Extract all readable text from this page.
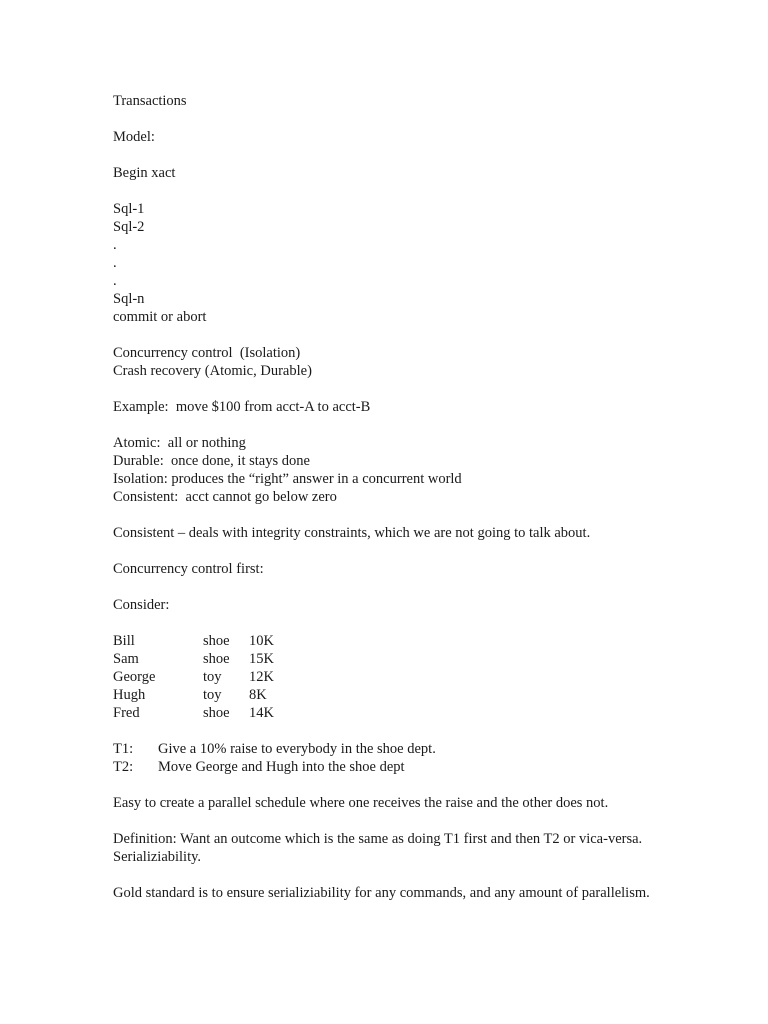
Transactions
Model:
Begin xact
Sql-1
Sql-2
.
.
.
Sql-n
commit or abort
Concurrency control  (Isolation)
Crash recovery (Atomic, Durable)
Example:  move $100 from acct-A to acct-B
Atomic:  all or nothing
Durable:  once done, it stays done
Isolation: produces the “right” answer in a concurrent world
Consistent:  acct cannot go below zero
Consistent – deals with integrity constraints, which we are not going to talk about.
Concurrency control first:
Consider:
Bill	shoe	10K
Sam	shoe	15K
George	toy	12K
Hugh	toy	8K
Fred	shoe	14K
T1:	Give a 10% raise to everybody in the shoe dept.
T2:	Move George and Hugh into the shoe dept
Easy to create a parallel schedule where one receives the raise and the other does not.
Definition: Want an outcome which is the same as doing T1 first and then T2 or vica-versa. Serializiability.
Gold standard is to ensure serializiability for any commands, and any amount of parallelism.
